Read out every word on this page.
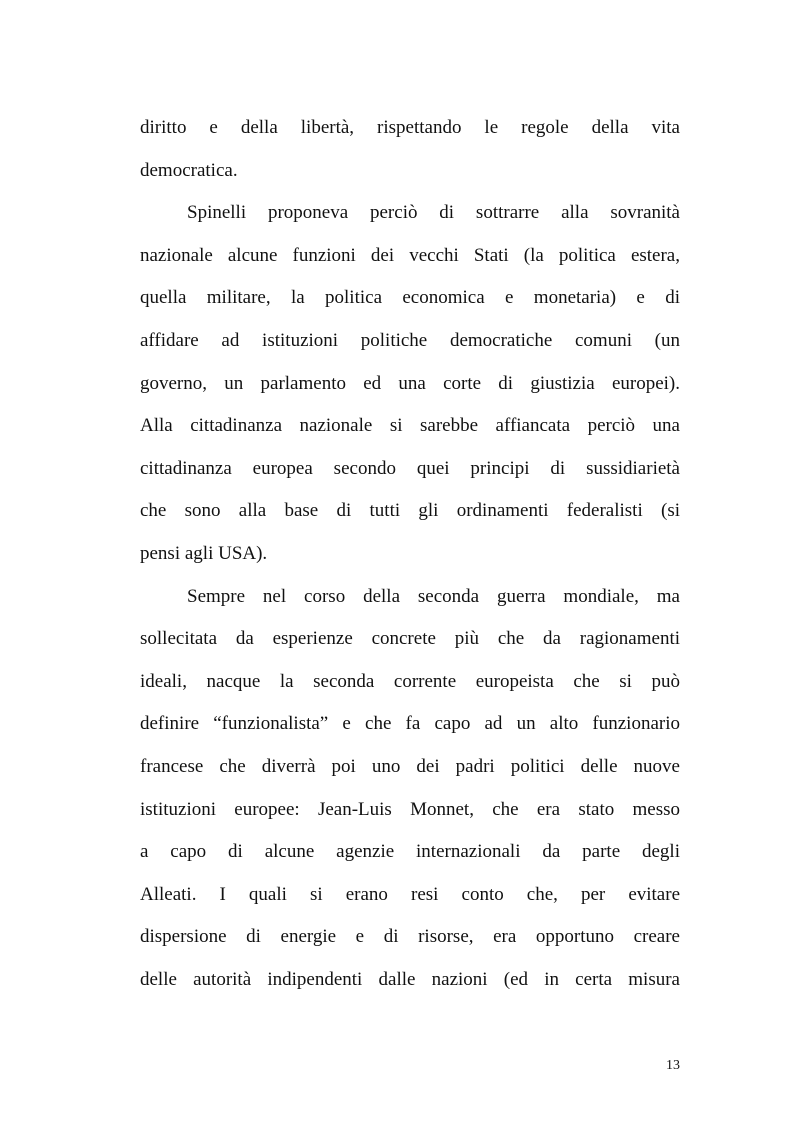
diritto e della libertà, rispettando le regole della vita
democratica.
Spinelli proponeva perciò di sottrarre alla sovranità
nazionale alcune funzioni dei vecchi Stati (la politica estera,
quella militare, la politica economica e monetaria) e di
affidare ad istituzioni politiche democratiche comuni (un
governo, un parlamento ed una corte di giustizia europei).
Alla cittadinanza nazionale si sarebbe affiancata perciò una
cittadinanza europea secondo quei principi di sussidiarietà
che sono alla base di tutti gli ordinamenti federalisti (si
pensi agli USA).
Sempre nel corso della seconda guerra mondiale, ma
sollecitata da esperienze concrete più che da ragionamenti
ideali, nacque la seconda corrente europeista che si può
definire “funzionalista” e che fa capo ad un alto funzionario
francese che diverrà poi uno dei padri politici delle nuove
istituzioni europee: Jean-Luis Monnet, che era stato messo
a capo di alcune agenzie internazionali da parte degli
Alleati. I quali si erano resi conto che, per evitare
dispersione di energie e di risorse, era opportuno creare
delle autorità indipendenti dalle nazioni (ed in certa misura
13
